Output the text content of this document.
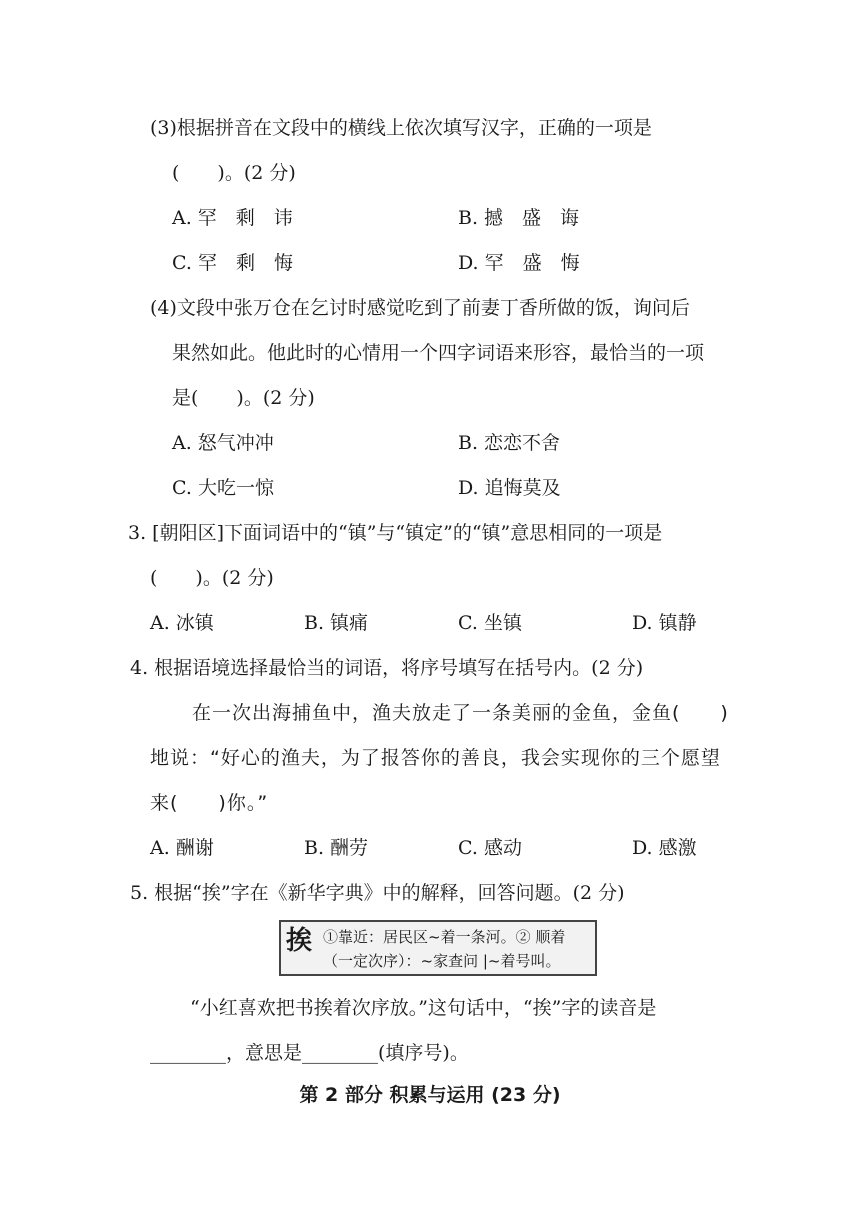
(3)根据拼音在文段中的横线上依次填写汉字，正确的一项是
(　　)。(2 分)
A. 罕　剩　讳	B. 撼　盛　诲
C. 罕　剩　悔	D. 罕　盛　悔
(4)文段中张万仓在乞讨时感觉吃到了前妻丁香所做的饭，询问后
果然如此。他此时的心情用一个四字词语来形容，最恰当的一项
是(　　)。(2 分)
A. 怒气冲冲	B. 恋恋不舍
C. 大吃一惊	D. 追悔莫及
3. [朝阳区]下面词语中的“镇”与“镇定”的“镇”意思相同的一项是
(　　)。(2 分)
A. 冰镇	B. 镇痛	C. 坐镇	D. 镇静
4. 根据语境选择最恰当的词语，将序号填写在括号内。(2 分)
在一次出海捕鱼中，渔夫放走了一条美丽的金鱼，金鱼(　　)
地说：“好心的渔夫，为了报答你的善良，我会实现你的三个愿望
来(　　)你。”
A. 酬谢	B. 酬劳	C. 感动	D. 感激
5. 根据“挨”字在《新华字典》中的解释，回答问题。(2 分)
挨 ①靠近：居民区~着一条河。② 顺着
（一定次序）：~家查问 |~着号叫。
“小红喜欢把书挨着次序放。”这句话中，“挨”字的读音是
________，意思是________(填序号)。
第 2 部分 积累与运用 (23 分)
